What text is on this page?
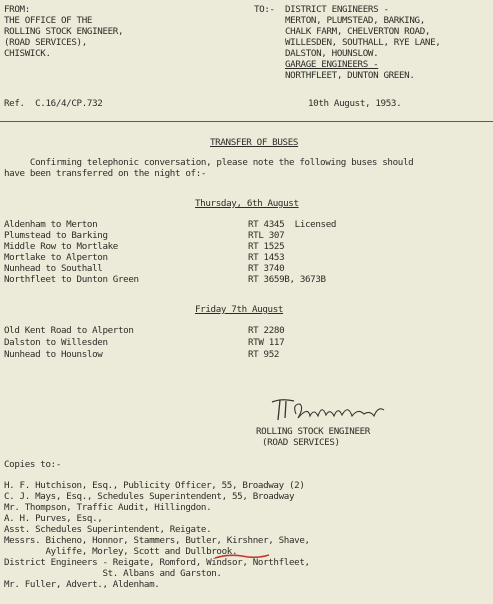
FROM:
THE OFFICE OF THE
ROLLING STOCK ENGINEER,
(ROAD SERVICES),
CHISWICK.
TO:- DISTRICT ENGINEERS -
MERTON, PLUMSTEAD, BARKING,
CHALK FARM, CHELVERTON ROAD,
WILLESDEN, SOUTHALL, RYE LANE,
DALSTON, HOUNSLOW.
GARAGE ENGINEERS -
NORTHFLEET, DUNTON GREEN.
Ref.  C.16/4/CP.732	10th August, 1953.
TRANSFER OF BUSES
Confirming telephonic conversation, please note the following buses should
have been transferred on the night of:-
Thursday, 6th August
Aldenham to Merton	RT 4345  Licensed
Plumstead to Barking	RTL 307
Middle Row to Mortlake	RT 1525
Mortlake to Alperton	RT 1453
Nunhead to Southall	RT 3740
Northfleet to Dunton Green	RT 3659B, 3673B
Friday 7th August
Old Kent Road to Alperton	RT 2280
Dalston to Willesden	RTW 117
Nunhead to Hounslow	RT 952
ROLLING STOCK ENGINEER
(ROAD SERVICES)
Copies to:-
H. F. Hutchison, Esq., Publicity Officer, 55, Broadway (2)
C. J. Mays, Esq., Schedules Superintendent, 55, Broadway
Mr. Thompson, Traffic Audit, Hillingdon.
A. H. Purves, Esq.,
Asst. Schedules Superintendent, Reigate.
Messrs. Bicheno, Honnor, Stammers, Butler, Kirshner, Shave,
Ayliffe, Morley, Scott and Dullbrook.
District Engineers - Reigate, Romford, Windsor, Northfleet,
St. Albans and Garston.
Mr. Fuller, Advert., Aldenham.
